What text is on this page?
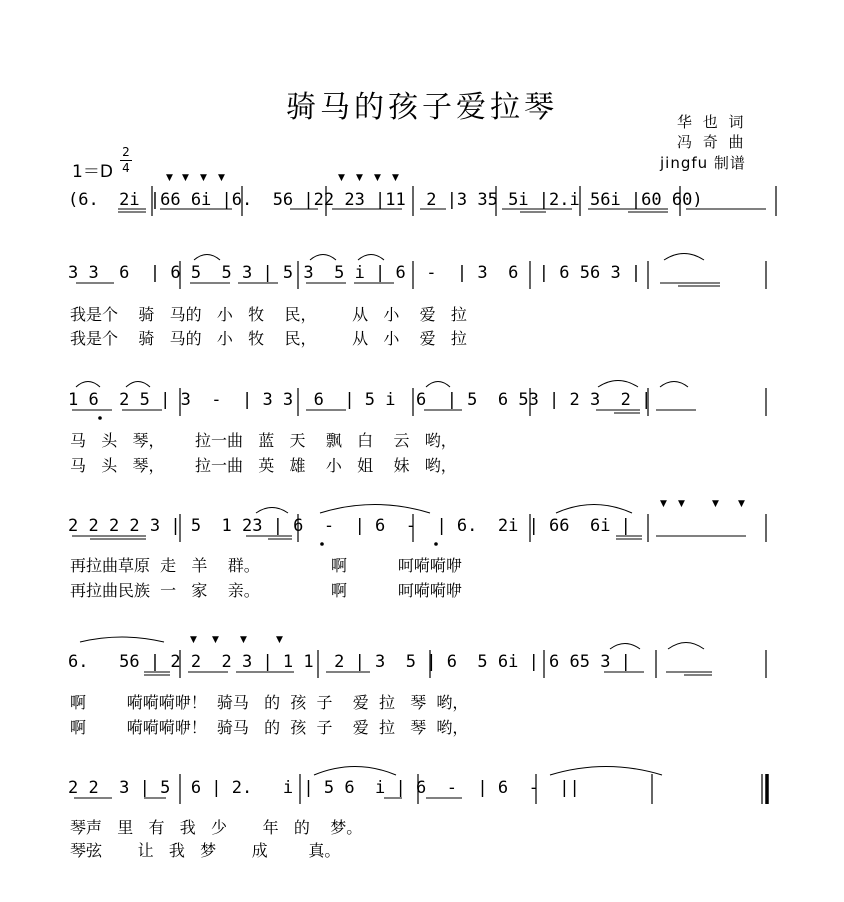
骑马的孩子爱拉琴	华 也 词
冯 奇 曲
jingfu 制谱
1＝D
2
4
▼ ▼ ▼ ▼	▼ ▼ ▼ ▼
(6.  2i |66 6i |6.  56 |22 23 |11  2 |3 35 5i |2.i 56i |60 60)
3 3  6  | 6 5  5 3 | 5 3  5 i | 6  -  | 3  6  | 6 56 3 |
我是个    骑   马的   小   牧    民，       从   小    爱   拉
我是个    骑   马的   小   牧    民，       从   小    爱   拉
1 6  2 5 | 3  -  | 3 3  6  | 5 i  6  | 5  6 53 | 2 3  2 |
马   头   琴，      拉一曲   蓝   天    飘   白    云   哟，
马   头   琴，      拉一曲   英   雄    小   姐    妹   哟，
▼ ▼	▼ ▼
2 2 2 2 3 | 5  1 23 | 6  -  | 6  -  | 6.  2i | 66  6i |
再拉曲草原  走   羊    群。              啊          呵嗬嗬咿
再拉曲民族  一   家    亲。              啊          呵嗬嗬咿
▼ ▼ ▼	▼
6.   56 | 2 2  2 3 | 1 1  2 | 3  5 | 6  5 6i | 6 65 3 |
啊        嗬嗬嗬咿！  骑马   的  孩  子    爱  拉   琴  哟，
啊        嗬嗬嗬咿！  骑马   的  孩  子    爱  拉   琴  哟，
2 2  3 | 5  6 | 2.   i | 5 6  i | 6  -  | 6  -  ||
琴声   里   有   我   少       年   的    梦。
琴弦       让   我   梦       成        真。
